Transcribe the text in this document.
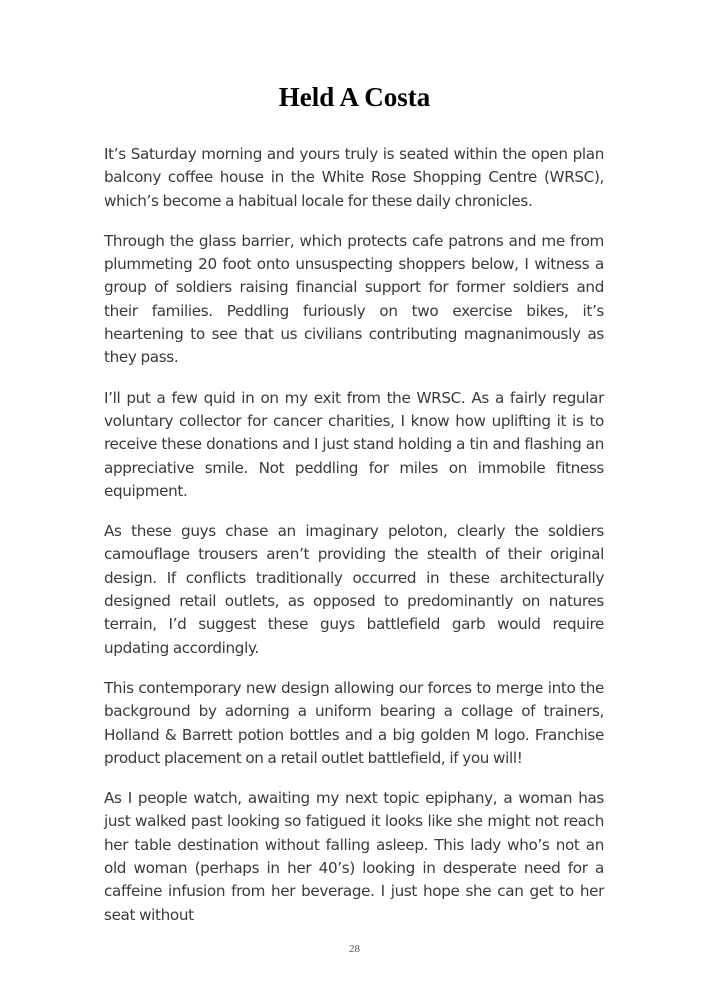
Held A Costa

It’s Saturday morning and yours truly is seated within the open plan balcony coffee house in the White Rose Shopping Centre (WRSC), which’s become a habitual locale for these daily chronicles.

Through the glass barrier, which protects cafe patrons and me from plummeting 20 foot onto unsuspecting shoppers below, I witness a group of soldiers raising financial support for former soldiers and their families. Peddling furiously on two exercise bikes, it’s heartening to see that us civilians contributing magnanimously as they pass.

I’ll put a few quid in on my exit from the WRSC. As a fairly regular voluntary collector for cancer charities, I know how uplifting it is to receive these donations and I just stand holding a tin and flashing an appreciative smile. Not peddling for miles on immobile fitness equipment.

As these guys chase an imaginary peloton, clearly the soldiers camouflage trousers aren’t providing the stealth of their original design. If conflicts traditionally occurred in these architecturally designed retail outlets, as opposed to predominantly on natures terrain, I’d suggest these guys battlefield garb would require updating accordingly.

This contemporary new design allowing our forces to merge into the background by adorning a uniform bearing a collage of trainers, Holland & Barrett potion bottles and a big golden M logo. Franchise product placement on a retail outlet battlefield, if you will!

As I people watch, awaiting my next topic epiphany, a woman has just walked past looking so fatigued it looks like she might not reach her table destination without falling asleep. This lady who’s not an old woman (perhaps in her 40’s) looking in desperate need for a caffeine infusion from her beverage. I just hope she can get to her seat without

28
